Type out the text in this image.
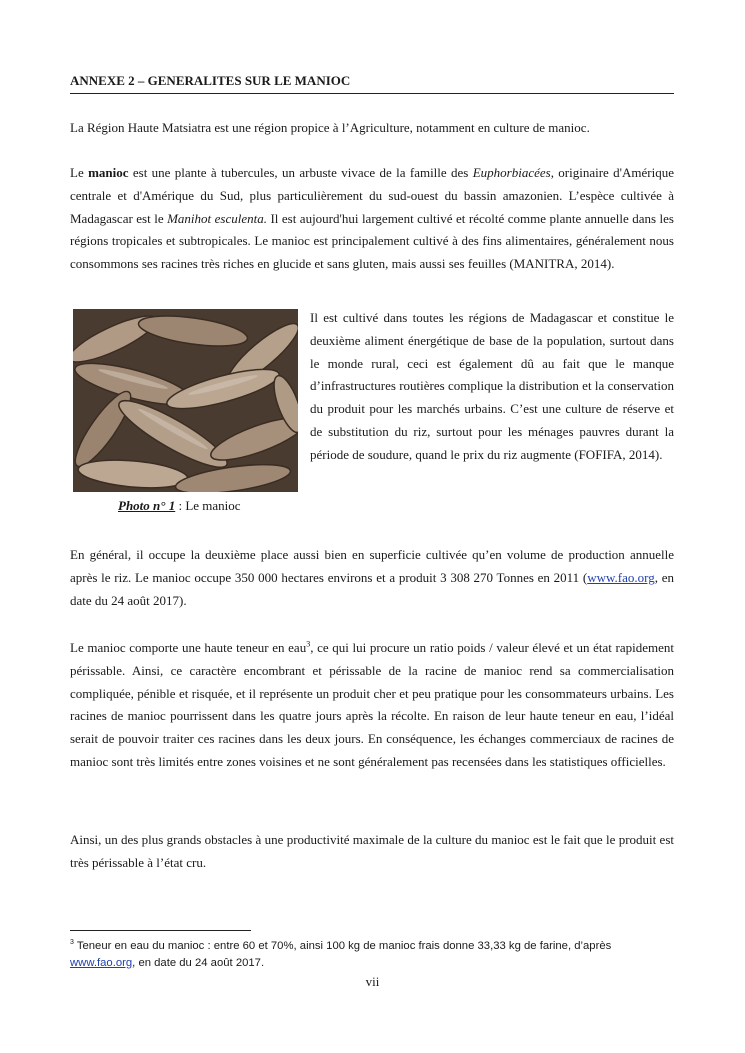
ANNEXE 2 – GENERALITES SUR LE MANIOC
La Région Haute Matsiatra est une région propice à l’Agriculture, notamment en culture de manioc.
Le manioc est une plante à tubercules, un arbuste vivace de la famille des Euphorbiacées, originaire d'Amérique centrale et d'Amérique du Sud, plus particulièrement du sud-ouest du bassin amazonien. L’espèce cultivée à Madagascar est le Manihot esculenta. Il est aujourd'hui largement cultivé et récolté comme plante annuelle dans les régions tropicales et subtropicales. Le manioc est principalement cultivé à des fins alimentaires, généralement nous consommons ses racines très riches en glucide et sans gluten, mais aussi ses feuilles (MANITRA, 2014).
Il est cultivé dans toutes les régions de Madagascar et constitue le deuxième aliment énergétique de base de la population, surtout dans le monde rural, ceci est également dû au fait que le manque d’infrastructures routières complique la distribution et la conservation du produit pour les marchés urbains. C’est une culture de réserve et de substitution du riz, surtout pour les ménages pauvres durant la période de soudure, quand le prix du riz augmente (FOFIFA, 2014).
Photo n° 1 : Le manioc
En général, il occupe la deuxième place aussi bien en superficie cultivée qu’en volume de production annuelle après le riz. Le manioc occupe 350 000 hectares environs et a produit 3 308 270 Tonnes en 2011 (www.fao.org, en date du 24 août 2017).
Le manioc comporte une haute teneur en eau$^3$, ce qui lui procure un ratio poids / valeur élevé et un état rapidement périssable. Ainsi, ce caractère encombrant et périssable de la racine de manioc rend sa commercialisation compliquée, pénible et risquée, et il représente un produit cher et peu pratique pour les consommateurs urbains. Les racines de manioc pourrissent dans les quatre jours après la récolte. En raison de leur haute teneur en eau, l’idéal serait de pouvoir traiter ces racines dans les deux jours. En conséquence, les échanges commerciaux de racines de manioc sont très limités entre zones voisines et ne sont généralement pas recensées dans les statistiques officielles.
Ainsi, un des plus grands obstacles à une productivité maximale de la culture du manioc est le fait que le produit est très périssable à l’état cru.
$^3$ Teneur en eau du manioc : entre 60 et 70%, ainsi 100 kg de manioc frais donne 33,33 kg de farine, d’après www.fao.org, en date du 24 août 2017.
vii
